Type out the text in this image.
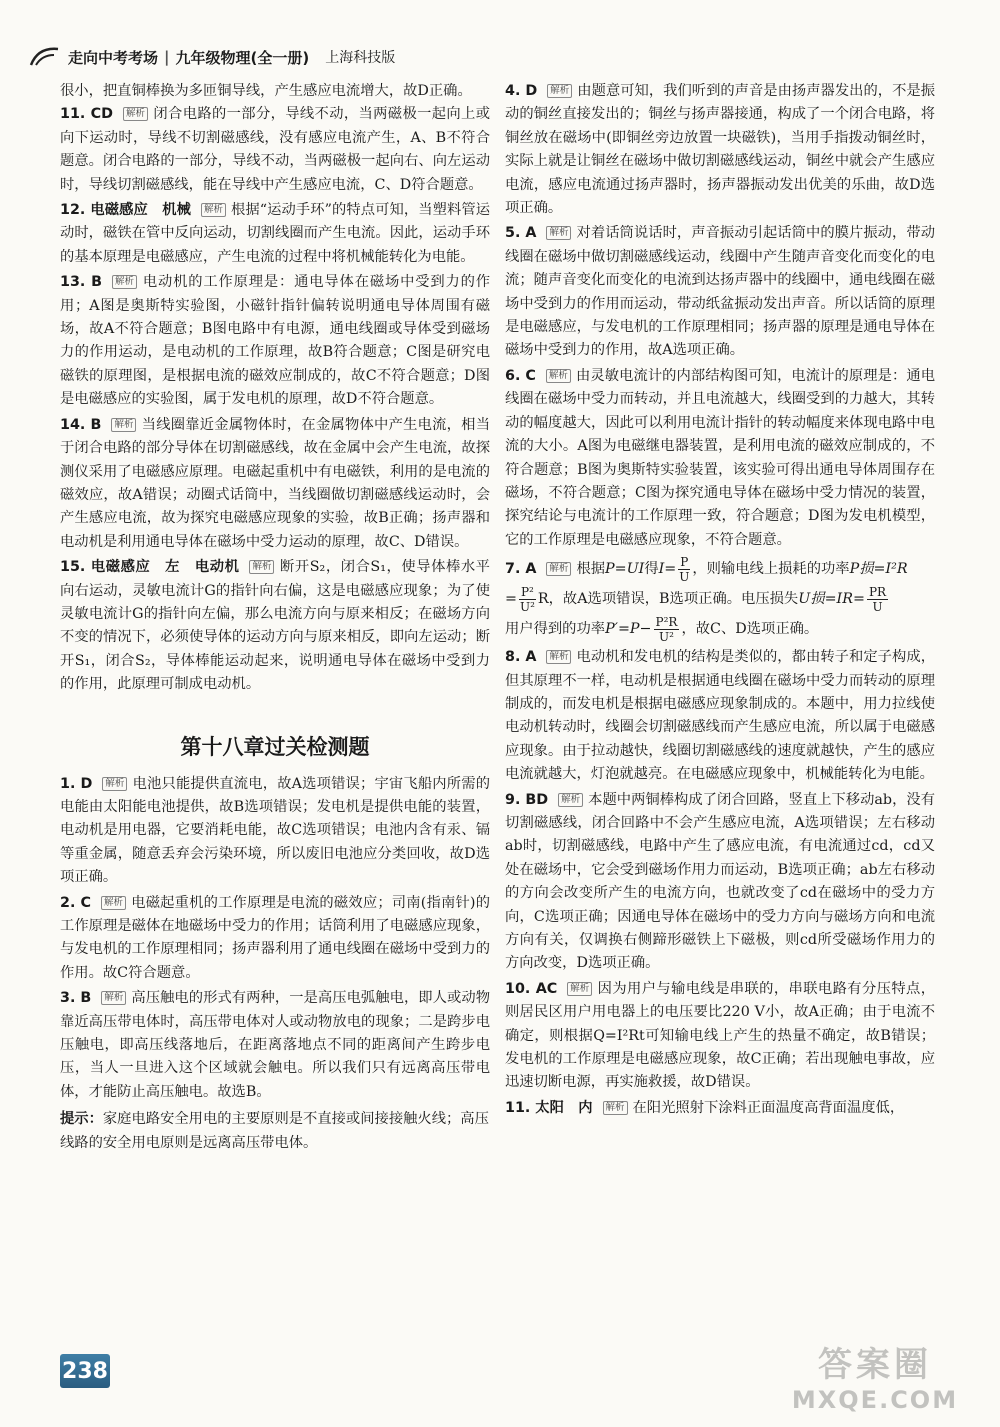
走向中考考场 | 九年级物理(全一册) 上海科技版
很小，把直铜棒换为多匝铜导线，产生感应电流增大，故D正确。
11. CD 解析 闭合电路的一部分，导线不动，当两磁极一起向上或向下运动时，导线不切割磁感线，没有感应电流产生，A、B不符合题意。闭合电路的一部分，导线不动，当两磁极一起向右、向左运动时，导线切割磁感线，能在导线中产生感应电流，C、D符合题意。
12. 电磁感应　机械 解析 根据“运动手环”的特点可知，当塑料管运动时，磁铁在管中反向运动，切割线圈而产生电流。因此，运动手环的基本原理是电磁感应，产生电流的过程中将机械能转化为电能。
13. B 解析 电动机的工作原理是：通电导体在磁场中受到力的作用；A图是奥斯特实验图，小磁针指针偏转说明通电导体周围有磁场，故A不符合题意；B图电路中有电源，通电线圈或导体受到磁场力的作用运动，是电动机的工作原理，故B符合题意；C图是研究电磁铁的原理图，是根据电流的磁效应制成的，故C不符合题意；D图是电磁感应的实验图，属于发电机的原理，故D不符合题意。
14. B 解析 当线圈靠近金属物体时，在金属物体中产生电流，相当于闭合电路的部分导体在切割磁感线，故在金属中会产生电流，故探测仪采用了电磁感应原理。电磁起重机中有电磁铁，利用的是电流的磁效应，故A错误；动圈式话筒中，当线圈做切割磁感线运动时，会产生感应电流，故为探究电磁感应现象的实验，故B正确；扬声器和电动机是利用通电导体在磁场中受力运动的原理，故C、D错误。
15. 电磁感应　左　电动机 解析 断开S₂，闭合S₁，使导体棒水平向右运动，灵敏电流计G的指针向右偏，这是电磁感应现象；为了使灵敏电流计G的指针向左偏，那么电流方向与原来相反；在磁场方向不变的情况下，必须使导体的运动方向与原来相反，即向左运动；断开S₁，闭合S₂，导体棒能运动起来，说明通电导体在磁场中受到力的作用，此原理可制成电动机。
第十八章过关检测题
1. D 解析 电池只能提供直流电，故A选项错误；宇宙飞船内所需的电能由太阳能电池提供，故B选项错误；发电机是提供电能的装置，电动机是用电器，它要消耗电能，故C选项错误；电池内含有汞、镉等重金属，随意丢弃会污染环境，所以废旧电池应分类回收，故D选项正确。
2. C 解析 电磁起重机的工作原理是电流的磁效应；司南(指南针)的工作原理是磁体在地磁场中受力的作用；话筒利用了电磁感应现象，与发电机的工作原理相同；扬声器利用了通电线圈在磁场中受到力的作用。故C符合题意。
3. B 解析 高压触电的形式有两种，一是高压电弧触电，即人或动物靠近高压带电体时，高压带电体对人或动物放电的现象；二是跨步电压触电，即高压线落地后，在距离落地点不同的距离间产生跨步电压，当人一旦进入这个区域就会触电。所以我们只有远离高压带电体，才能防止高压触电。故选B。
提示：家庭电路安全用电的主要原则是不直接或间接接触火线；高压线路的安全用电原则是远离高压带电体。
4. D 解析 由题意可知，我们听到的声音是由扬声器发出的，不是振动的铜丝直接发出的；铜丝与扬声器接通，构成了一个闭合电路，将铜丝放在磁场中(即铜丝旁边放置一块磁铁)，当用手指拨动铜丝时，实际上就是让铜丝在磁场中做切割磁感线运动，铜丝中就会产生感应电流，感应电流通过扬声器时，扬声器振动发出优美的乐曲，故D选项正确。
5. A 解析 对着话筒说话时，声音振动引起话筒中的膜片振动，带动线圈在磁场中做切割磁感线运动，线圈中产生随声音变化而变化的电流；随声音变化而变化的电流到达扬声器中的线圈中，通电线圈在磁场中受到力的作用而运动，带动纸盆振动发出声音。所以话筒的原理是电磁感应，与发电机的工作原理相同；扬声器的原理是通电导体在磁场中受到力的作用，故A选项正确。
6. C 解析 由灵敏电流计的内部结构图可知，电流计的原理是：通电线圈在磁场中受力而转动，并且电流越大，线圈受到的力越大，其转动的幅度越大，因此可以利用电流计指针的转动幅度来体现电路中电流的大小。A图为电磁继电器装置，是利用电流的磁效应制成的，不符合题意；B图为奥斯特实验装置，该实验可得出通电导体周围存在磁场，不符合题意；C图为探究通电导体在磁场中受力情况的装置，探究结论与电流计的工作原理一致，符合题意；D图为发电机模型，它的工作原理是电磁感应现象，不符合题意。
7. A 解析 根据P=UI得$I= \frac{P}{U}$ ，则输电线上损耗的功率P损=I²R
= $\frac{\text{P²}}{\text{U²}}$ R，故A选项错误，B选项正确。电压损失U损$=IR= \frac{PR}{U}$

用户得到的功率$P'=P- \frac{\text{P²R}}{\text{U²}}$ ，故C、D选项正确。
8. A 解析 电动机和发电机的结构是类似的，都由转子和定子构成，但其原理不一样，电动机是根据通电线圈在磁场中受力而转动的原理制成的，而发电机是根据电磁感应现象制成的。本题中，用力拉线使电动机转动时，线圈会切割磁感线而产生感应电流，所以属于电磁感应现象。由于拉动越快，线圈切割磁感线的速度就越快，产生的感应电流就越大，灯泡就越亮。在电磁感应现象中，机械能转化为电能。
9. BD 解析 本题中两铜棒构成了闭合回路，竖直上下移动ab，没有切割磁感线，闭合回路中不会产生感应电流，A选项错误；左右移动ab时，切割磁感线，电路中产生了感应电流，有电流通过cd，cd又处在磁场中，它会受到磁场作用力而运动，B选项正确；ab左右移动的方向会改变所产生的电流方向，也就改变了cd在磁场中的受力方向，C选项正确；因通电导体在磁场中的受力方向与磁场方向和电流方向有关，仅调换右侧蹄形磁铁上下磁极，则cd所受磁场作用力的方向改变，D选项正确。
10. AC 解析 因为用户与输电线是串联的，串联电路有分压特点，则居民区用户用电器上的电压要比220 V小，故A正确；由于电流不确定，则根据Q=I²Rt可知输电线上产生的热量不确定，故B错误；发电机的工作原理是电磁感应现象，故C正确；若出现触电事故，应迅速切断电源，再实施救援，故D错误。
11. 太阳　内 解析 在阳光照射下涂料正面温度高背面温度低，
238	答案圈
MXQE.COM
